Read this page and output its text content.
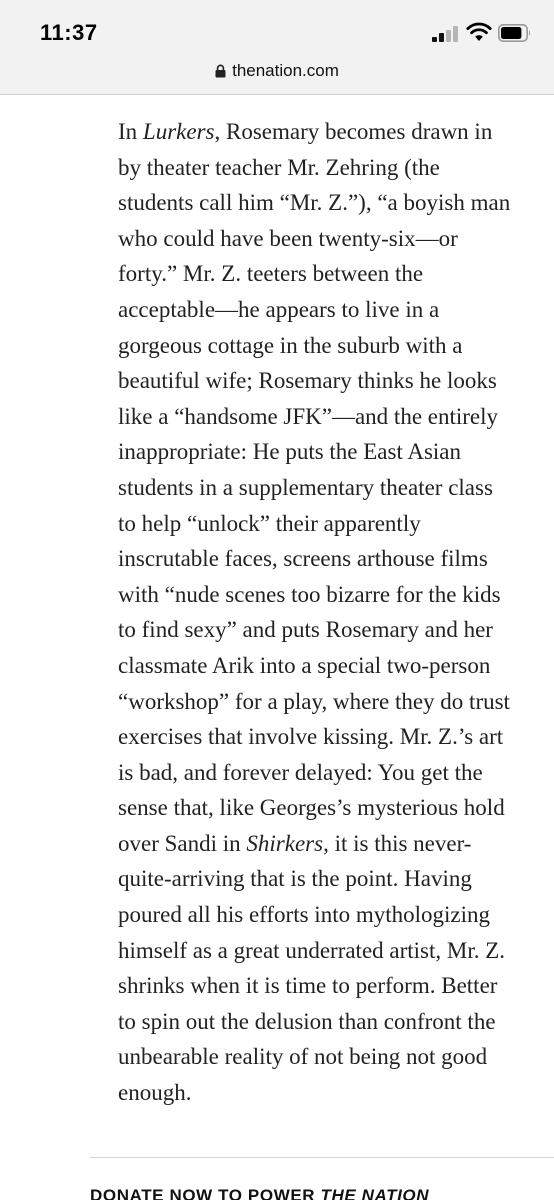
11:37
thenation.com

In Lurkers, Rosemary becomes drawn in
by theater teacher Mr. Zehring (the
students call him “Mr. Z.”), “a boyish man
who could have been twenty-six—or
forty.” Mr. Z. teeters between the
acceptable—he appears to live in a
gorgeous cottage in the suburb with a
beautiful wife; Rosemary thinks he looks
like a “handsome JFK”—and the entirely
inappropriate: He puts the East Asian
students in a supplementary theater class
to help “unlock” their apparently
inscrutable faces, screens arthouse films
with “nude scenes too bizarre for the kids
to find sexy” and puts Rosemary and her
classmate Arik into a special two-person
“workshop” for a play, where they do trust
exercises that involve kissing. Mr. Z.’s art
is bad, and forever delayed: You get the
sense that, like Georges’s mysterious hold
over Sandi in Shirkers, it is this never-
quite-arriving that is the point. Having
poured all his efforts into mythologizing
himself as a great underrated artist, Mr. Z.
shrinks when it is time to perform. Better
to spin out the delusion than confront the
unbearable reality of not being not good
enough.

DONATE NOW TO POWER THE NATION
